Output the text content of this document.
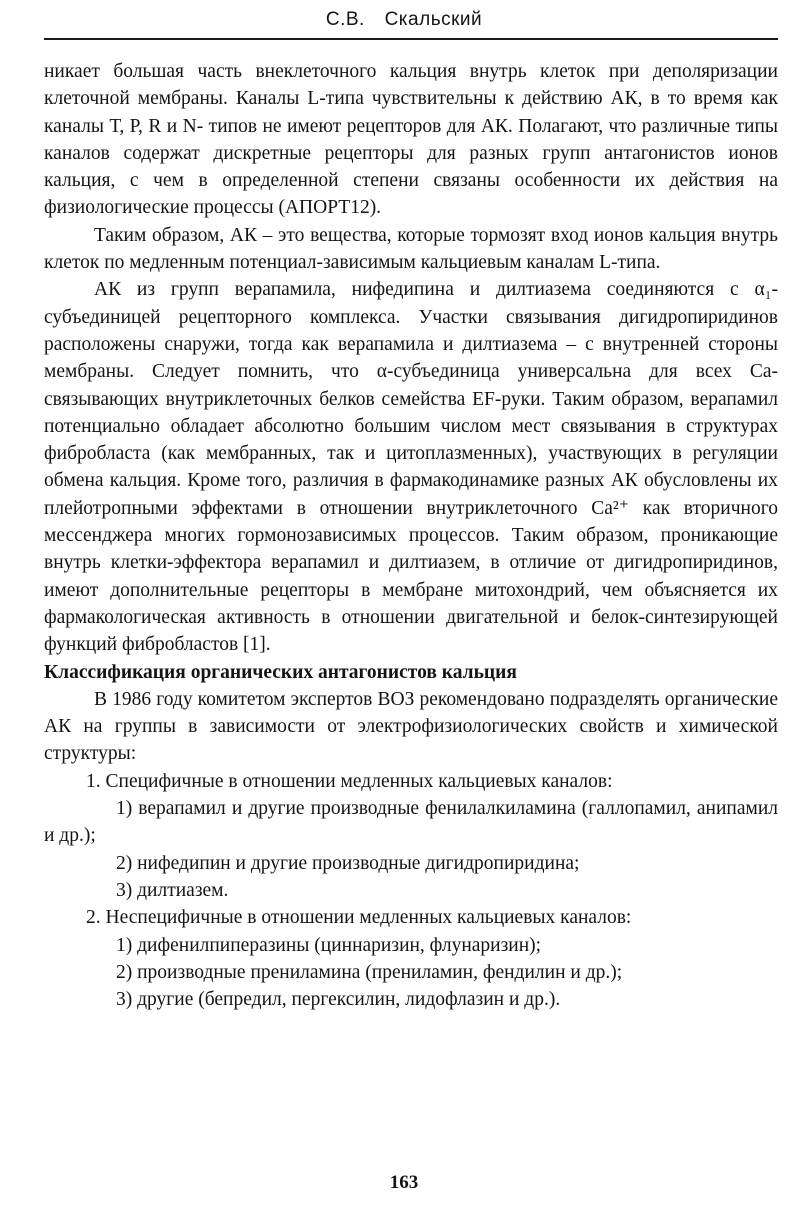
С.В. Скальский

никает большая часть внеклеточного кальция внутрь клеток при деполяризации клеточной мембраны. Каналы L-типа чувствительны к действию АК, в то время как каналы Т, Р, R и N- типов не имеют рецепторов для АК. Полагают, что различные типы каналов содержат дискретные рецепторы для разных групп антагонистов ионов кальция, с чем в определенной степени связаны особенности их действия на физиологические процессы (АПОРТ12).

Таким образом, АК – это вещества, которые тормозят вход ионов кальция внутрь клеток по медленным потенциал-зависимым кальциевым каналам L-типа.

АК из групп верапамила, нифедипина и дилтиазема соединяются с α₁-субъединицей рецепторного комплекса. Участки связывания дигидропиридинов расположены снаружи, тогда как верапамила и дилтиазема – с внутренней стороны мембраны. Следует помнить, что α-субъединица универсальна для всех Са-связывающих внутриклеточных белков семейства EF-руки. Таким образом, верапамил потенциально обладает абсолютно большим числом мест связывания в структурах фибробласта (как мембранных, так и цитоплазменных), участвующих в регуляции обмена кальция. Кроме того, различия в фармакодинамике разных АК обусловлены их плейотропными эффектами в отношении внутриклеточного Са²⁺ как вторичного мессенджера многих гормонозависимых процессов. Таким образом, проникающие внутрь клетки-эффектора верапамил и дилтиазем, в отличие от дигидропиридинов, имеют дополнительные рецепторы в мембране митохондрий, чем объясняется их фармакологическая активность в отношении двигательной и белок-синтезирующей функций фибробластов [1].

Классификация органических антагонистов кальция

В 1986 году комитетом экспертов ВОЗ рекомендовано подразделять органические АК на группы в зависимости от электрофизиологических свойств и химической структуры:

1. Специфичные в отношении медленных кальциевых каналов:

1) верапамил и другие производные фенилалкиламина (галлопамил, анипамил и др.);

2) нифедипин и другие производные дигидропиридина;

3) дилтиазем.

2. Неспецифичные в отношении медленных кальциевых каналов:

1) дифенилпиперазины (циннаризин, флунаризин);

2) производные прениламина (прениламин, фендилин и др.);

3) другие (бепредил, пергексилин, лидофлазин и др.).

163
